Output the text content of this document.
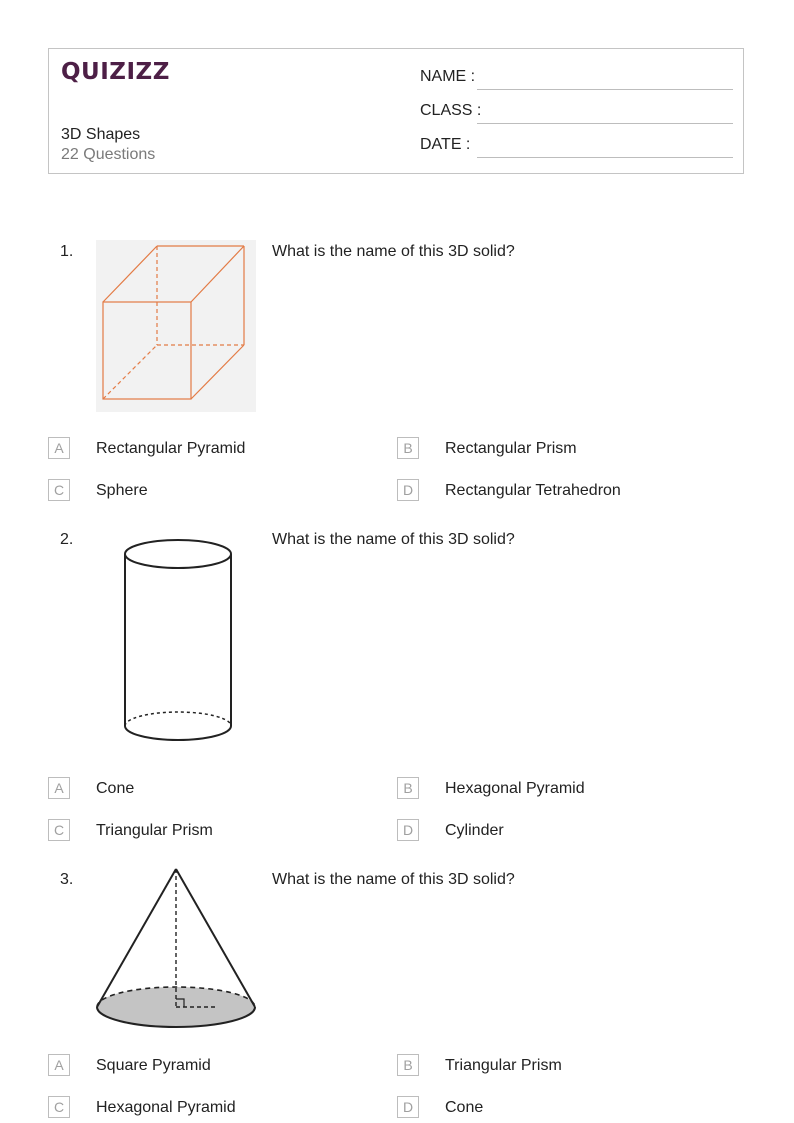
QUIZIZZ
3D Shapes
22 Questions
NAME :
CLASS :
DATE :
1.	What is the name of this 3D solid?
A	Rectangular Pyramid	B	Rectangular Prism
C	Sphere	D	Rectangular Tetrahedron
2.	What is the name of this 3D solid?
A	Cone	B	Hexagonal Pyramid
C	Triangular Prism	D	Cylinder
3.	What is the name of this 3D solid?
A	Square Pyramid	B	Triangular Prism
C	Hexagonal Pyramid	D	Cone
